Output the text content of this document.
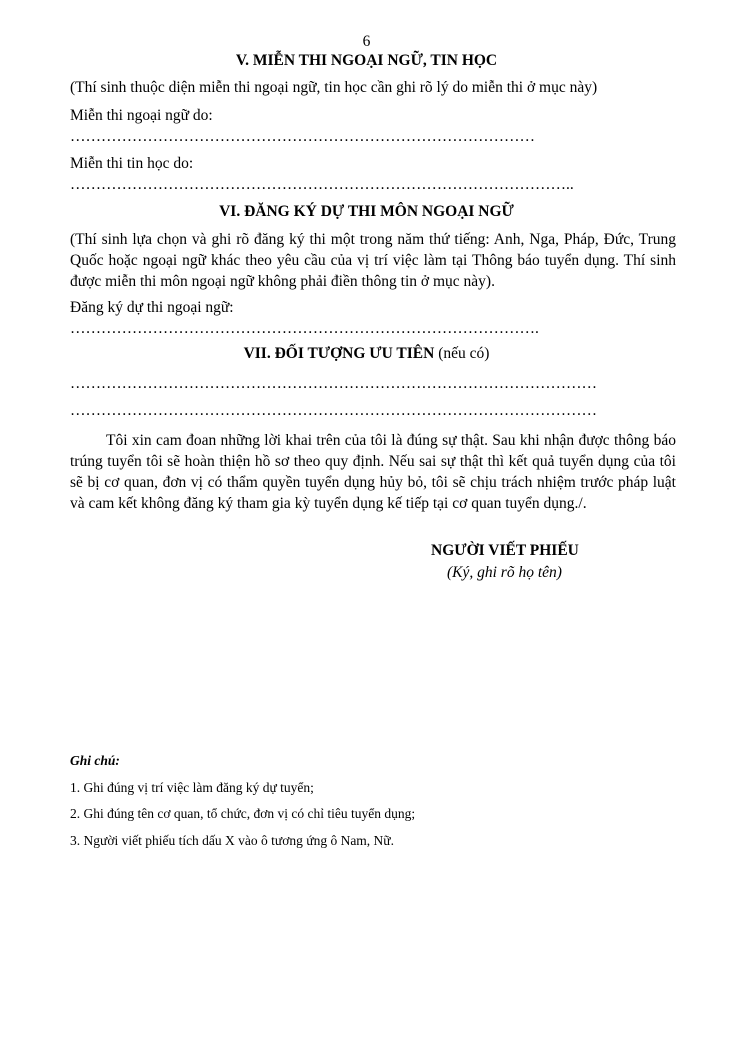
6
V. MIỄN THI NGOẠI NGỮ, TIN HỌC
(Thí sinh thuộc diện miễn thi ngoại ngữ, tin học cần ghi rõ lý do miễn thi ở mục này)
Miễn thi ngoại ngữ do:
………………………………………………………………………………
Miễn thi tin học do:
……………………………………………………………………………………..
VI. ĐĂNG KÝ DỰ THI MÔN NGOẠI NGỮ
(Thí sinh lựa chọn và ghi rõ đăng ký thi một trong năm thứ tiếng: Anh, Nga, Pháp, Đức, Trung Quốc hoặc ngoại ngữ khác theo yêu cầu của vị trí việc làm tại Thông báo tuyển dụng. Thí sinh được miễn thi môn ngoại ngữ không phải điền thông tin ở mục này).
Đăng ký dự thi ngoại ngữ:
……………………………………………………………………………….
VII. ĐỐI TƯỢNG ƯU TIÊN (nếu có)
…………………………………………………………………………………………
…………………………………………………………………………………………
Tôi xin cam đoan những lời khai trên của tôi là đúng sự thật. Sau khi nhận được thông báo trúng tuyển tôi sẽ hoàn thiện hồ sơ theo quy định. Nếu sai sự thật thì kết quả tuyển dụng của tôi sẽ bị cơ quan, đơn vị có thẩm quyền tuyển dụng hủy bỏ, tôi sẽ chịu trách nhiệm trước pháp luật và cam kết không đăng ký tham gia kỳ tuyển dụng kế tiếp tại cơ quan tuyển dụng./.
NGƯỜI VIẾT PHIẾU
(Ký, ghi rõ họ tên)
Ghi chú:
1. Ghi đúng vị trí việc làm đăng ký dự tuyển;
2. Ghi đúng tên cơ quan, tổ chức, đơn vị có chỉ tiêu tuyển dụng;
3. Người viết phiếu tích dấu X vào ô tương ứng ô Nam, Nữ.
